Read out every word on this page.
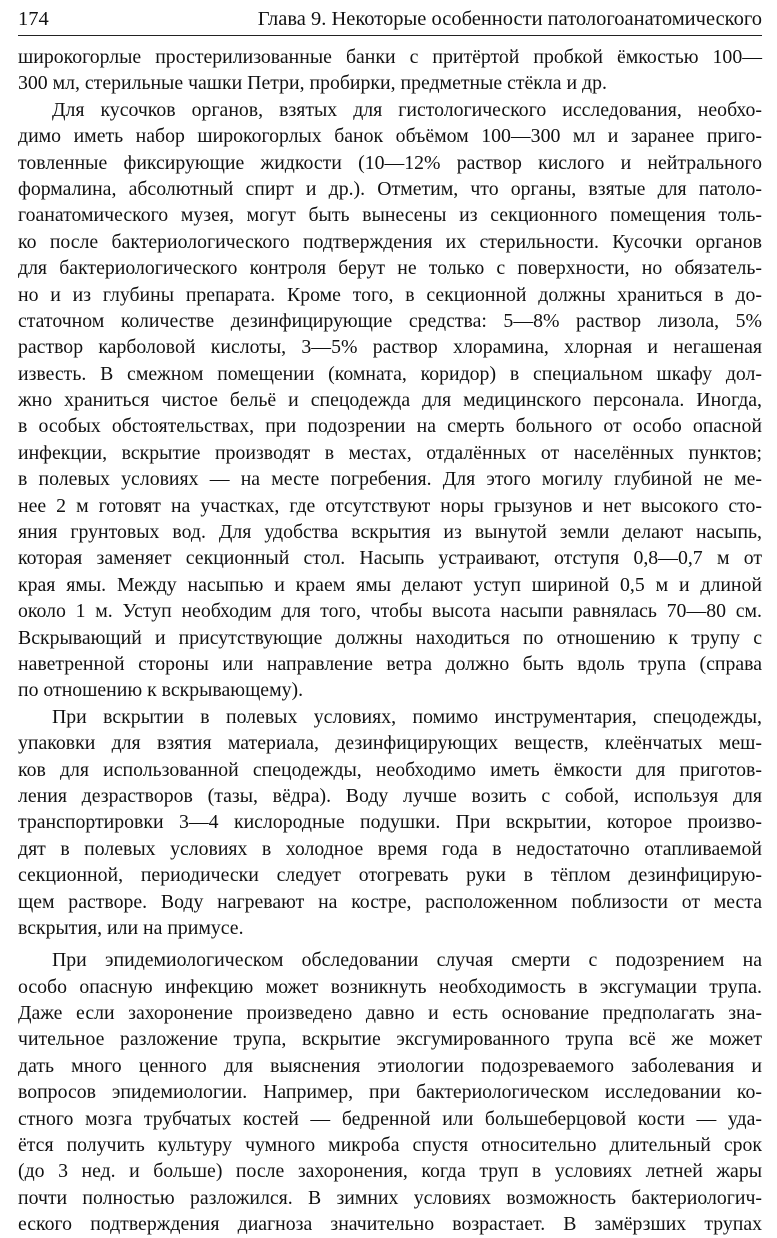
174	Глава 9. Некоторые особенности патологоанатомического
широкогорлые простерилизованные банки с притёртой пробкой ёмкостью 100—
300 мл, стерильные чашки Петри, пробирки, предметные стёкла и др.
Для кусочков органов, взятых для гистологического исследования, необхо-
димо иметь набор широкогорлых банок объёмом 100—300 мл и заранее приго-
товленные фиксирующие жидкости (10—12% раствор кислого и нейтрального
формалина, абсолютный спирт и др.). Отметим, что органы, взятые для патоло-
гоанатомического музея, могут быть вынесены из секционного помещения толь-
ко после бактериологического подтверждения их стерильности. Кусочки органов
для бактериологического контроля берут не только с поверхности, но обязатель-
но и из глубины препарата. Кроме того, в секционной должны храниться в до-
статочном количестве дезинфицирующие средства: 5—8% раствор лизола, 5%
раствор карболовой кислоты, 3—5% раствор хлорамина, хлорная и негашеная
известь. В смежном помещении (комната, коридор) в специальном шкафу дол-
жно храниться чистое бельё и спецодежда для медицинского персонала. Иногда,
в особых обстоятельствах, при подозрении на смерть больного от особо опасной
инфекции, вскрытие производят в местах, отдалённых от населённых пунктов;
в полевых условиях — на месте погребения. Для этого могилу глубиной не ме-
нее 2 м готовят на участках, где отсутствуют норы грызунов и нет высокого сто-
яния грунтовых вод. Для удобства вскрытия из вынутой земли делают насыпь,
которая заменяет секционный стол. Насыпь устраивают, отступя 0,8—0,7 м от
края ямы. Между насыпью и краем ямы делают уступ шириной 0,5 м и длиной
около 1 м. Уступ необходим для того, чтобы высота насыпи равнялась 70—80 см.
Вскрывающий и присутствующие должны находиться по отношению к трупу с
наветренной стороны или направление ветра должно быть вдоль трупа (справа
по отношению к вскрывающему).
При вскрытии в полевых условиях, помимо инструментария, спецодежды,
упаковки для взятия материала, дезинфицирующих веществ, клеёнчатых меш-
ков для использованной спецодежды, необходимо иметь ёмкости для приготов-
ления дезрастворов (тазы, вёдра). Воду лучше возить с собой, используя для
транспортировки 3—4 кислородные подушки. При вскрытии, которое произво-
дят в полевых условиях в холодное время года в недостаточно отапливаемой
секционной, периодически следует отогревать руки в тёплом дезинфицирую-
щем растворе. Воду нагревают на костре, расположенном поблизости от места
вскрытия, или на примусе.
При эпидемиологическом обследовании случая смерти с подозрением на
особо опасную инфекцию может возникнуть необходимость в эксгумации трупа.
Даже если захоронение произведено давно и есть основание предполагать зна-
чительное разложение трупа, вскрытие эксгумированного трупа всё же может
дать много ценного для выяснения этиологии подозреваемого заболевания и
вопросов эпидемиологии. Например, при бактериологическом исследовании ко-
стного мозга трубчатых костей — бедренной или большеберцовой кости — уда-
ётся получить культуру чумного микроба спустя относительно длительный срок
(до 3 нед. и больше) после захоронения, когда труп в условиях летней жары
почти полностью разложился. В зимних условиях возможность бактериологич-
еского подтверждения диагноза значительно возрастает. В замёрзших трупах
